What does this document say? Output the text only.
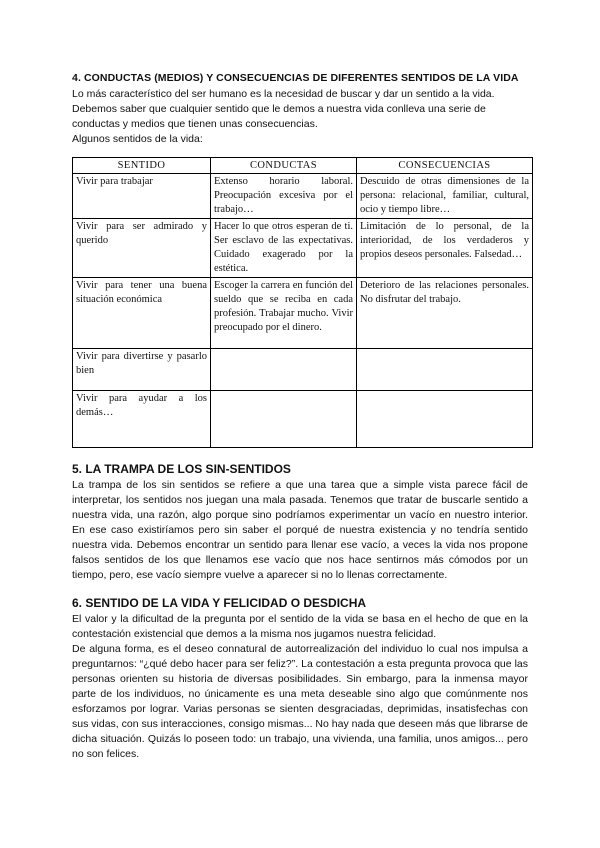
4. CONDUCTAS (MEDIOS) Y CONSECUENCIAS DE DIFERENTES SENTIDOS DE LA VIDA

Lo más característico del ser humano es la necesidad de buscar y dar un sentido a la vida. Debemos saber que cualquier sentido que le demos a nuestra vida conlleva una serie de conductas y medios que tienen unas consecuencias.

Algunos sentidos de la vida:

SENTIDO	CONDUCTAS	CONSECUENCIAS
Vivir para trabajar	Extenso horario laboral. Preocupación excesiva por el trabajo…	Descuido de otras dimensiones de la persona: relacional, familiar, cultural, ocio y tiempo libre…
Vivir para ser admirado y querido	Hacer lo que otros esperan de ti. Ser esclavo de las expectativas. Cuidado exagerado por la estética.	Limitación de lo personal, de la interioridad, de los verdaderos y propios deseos personales. Falsedad…
Vivir para tener una buena situación económica	Escoger la carrera en función del sueldo que se reciba en cada profesión. Trabajar mucho. Vivir preocupado por el dinero.	Deterioro de las relaciones personales. No disfrutar del trabajo.
Vivir para divertirse y pasarlo bien		
Vivir para ayudar a los demás…		
5. LA TRAMPA DE LOS SIN-SENTIDOS

La trampa de los sin sentidos se refiere a que una tarea que a simple vista parece fácil de interpretar, los sentidos nos juegan una mala pasada. Tenemos que tratar de buscarle sentido a nuestra vida, una razón, algo porque sino podríamos experimentar un vacío en nuestro interior. En ese caso existiríamos pero sin saber el porqué de nuestra existencia y no tendría sentido nuestra vida. Debemos encontrar un sentido para llenar ese vacío, a veces la vida nos propone falsos sentidos de los que llenamos ese vacío que nos hace sentirnos más cómodos por un tiempo, pero, ese vacío siempre vuelve a aparecer si no lo llenas correctamente.

6. SENTIDO DE LA VIDA Y FELICIDAD O DESDICHA

El valor y la dificultad de la pregunta por el sentido de la vida se basa en el hecho de que en la contestación existencial que demos a la misma nos jugamos nuestra felicidad.

De alguna forma, es el deseo connatural de autorrealización del individuo lo cual nos impulsa a preguntarnos: “¿qué debo hacer para ser feliz?”. La contestación a esta pregunta provoca que las personas orienten su historia de diversas posibilidades. Sin embargo, para la inmensa mayor parte de los individuos, no únicamente es una meta deseable sino algo que comúnmente nos esforzamos por lograr. Varias personas se sienten desgraciadas, deprimidas, insatisfechas con sus vidas, con sus interacciones, consigo mismas... No hay nada que deseen más que librarse de dicha situación. Quizás lo poseen todo: un trabajo, una vivienda, una familia, unos amigos... pero no son felices.
